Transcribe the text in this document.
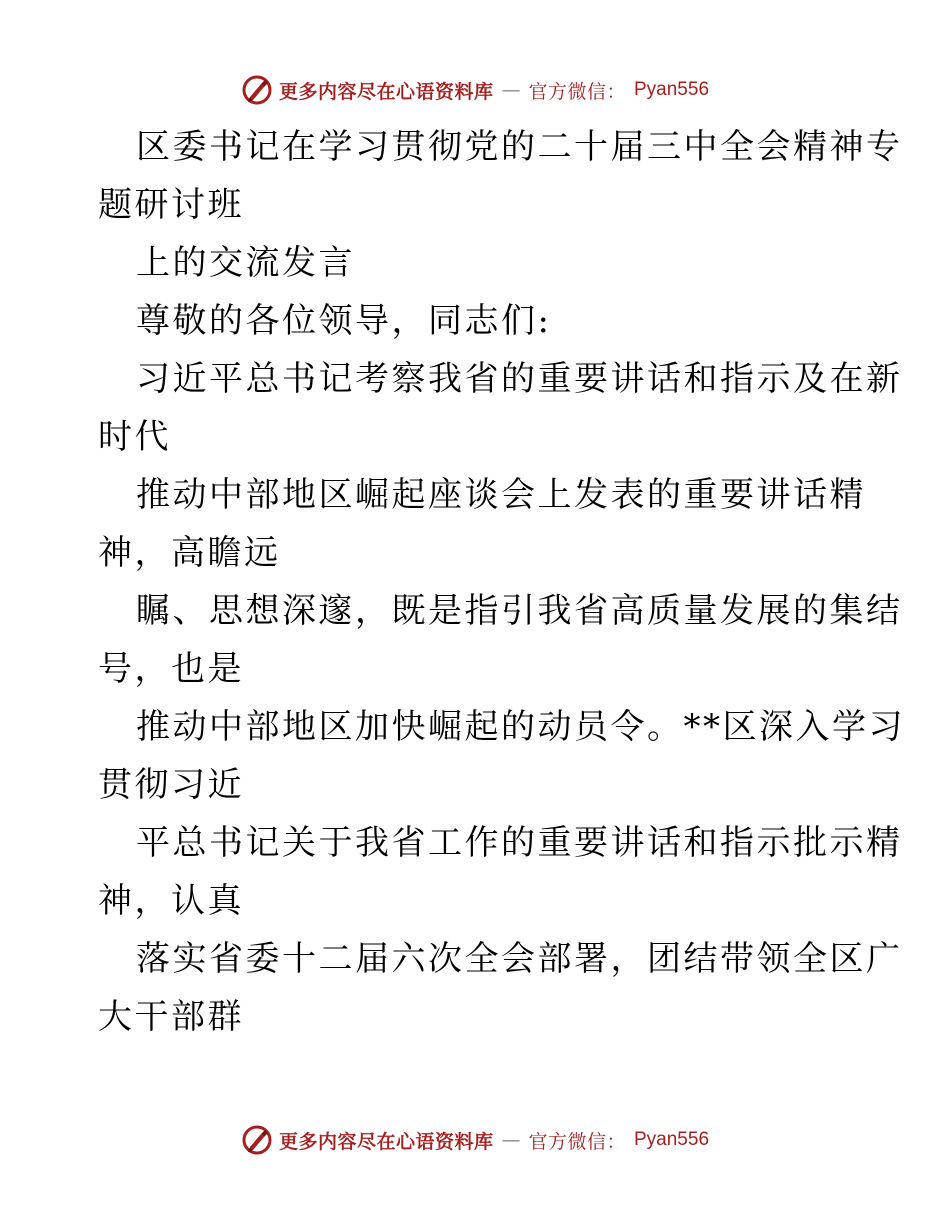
更多内容尽在心语资料库 — 官方微信： Pyan556
区委书记在学习贯彻党的二十届三中全会精神专
题研讨班
上的交流发言
尊敬的各位领导，同志们:
习近平总书记考察我省的重要讲话和指示及在新
时代
推动中部地区崛起座谈会上发表的重要讲话精
神，高瞻远
瞩、思想深邃，既是指引我省高质量发展的集结
号，也是
推动中部地区加快崛起的动员令。**区深入学习
贯彻习近
平总书记关于我省工作的重要讲话和指示批示精
神，认真
落实省委十二届六次全会部署，团结带领全区广
大干部群
更多内容尽在心语资料库 — 官方微信： Pyan556
